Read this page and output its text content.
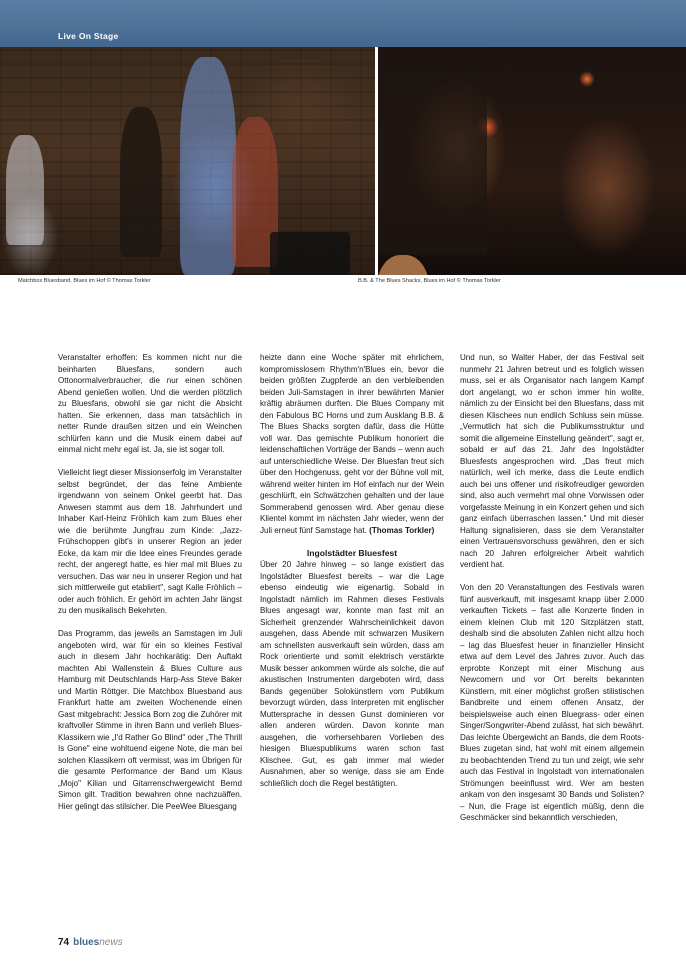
Live On Stage
Matchbox Bluesband, Blues im Hof © Thomas Torkler	B.B. & The Blues Shacks, Blues im Hof © Thomas Torkler

Veranstalter erhoffen: Es kommen nicht nur die beinharten Bluesfans, sondern auch Ottonormalverbraucher, die nur einen schönen Abend genießen wollen. Und die werden plötzlich zu Bluesfans, obwohl sie gar nicht die Absicht hatten. Sie erkennen, dass man tatsächlich in netter Runde draußen sitzen und ein Weinchen schlürfen kann und die Musik einem dabei auf einmal nicht mehr egal ist. Ja, sie ist sogar toll.

Vielleicht liegt dieser Missionserfolg im Veranstalter selbst begründet, der das feine Ambiente irgendwann von seinem Onkel geerbt hat. Das Anwesen stammt aus dem 18. Jahrhundert und Inhaber Karl-Heinz Fröhlich kam zum Blues eher wie die berühmte Jungfrau zum Kinde: „Jazz-Frühschoppen gibt's in unserer Region an jeder Ecke, da kam mir die Idee eines Freundes gerade recht, der angeregt hatte, es hier mal mit Blues zu versuchen. Das war neu in unserer Region und hat sich mittlerweile gut etabliert", sagt Kalle Fröhlich – oder auch fröhlich. Er gehört im achten Jahr längst zu den musikalisch Bekehrten.

Das Programm, das jeweils an Samstagen im Juli angeboten wird, war für ein so kleines Festival auch in diesem Jahr hochkarätig: Den Auftakt machten Abi Wallenstein & Blues Culture aus Hamburg mit Deutschlands Harp-Ass Steve Baker und Martin Röttger. Die Matchbox Bluesband aus Frankfurt hatte am zweiten Wochenende einen Gast mitgebracht: Jessica Born zog die Zuhörer mit kraftvoller Stimme in ihren Bann und verlieh Blues-Klassikern wie „I'd Rather Go Blind" oder „The Thrill Is Gone" eine wohltuend eigene Note, die man bei solchen Klassikern oft vermisst, was im Übrigen für die gesamte Performance der Band um Klaus „Mojo" Kilian und Gitarrenschwergewicht Bernd Simon gilt. Tradition bewahren ohne nachzuäffen. Hier gelingt das stilsicher. Die PeeWee Bluesgang

heizte dann eine Woche später mit ehrlichem, kompromisslosem Rhythm'n'Blues ein, bevor die beiden größten Zugpferde an den verbleibenden beiden Juli-Samstagen in ihrer bewährten Manier kräftig abräumen durften. Die Blues Company mit den Fabulous BC Horns und zum Ausklang B.B. & The Blues Shacks sorgten dafür, dass die Hütte voll war. Das gemischte Publikum honoriert die leidenschaftlichen Vorträge der Bands – wenn auch auf unterschiedliche Weise. Der Bluesfan freut sich über den Hochgenuss, geht vor der Bühne voll mit, während weiter hinten im Hof einfach nur der Wein geschlürft, ein Schwätzchen gehalten und der laue Sommerabend genossen wird. Aber genau diese Klientel kommt im nächsten Jahr wieder, wenn der Juli erneut fünf Samstage hat. (Thomas Torkler)

Ingolstädter Bluesfest

Über 20 Jahre hinweg – so lange existiert das Ingolstädter Bluesfest bereits – war die Lage ebenso eindeutig wie eigenartig. Sobald in Ingolstadt nämlich im Rahmen dieses Festivals Blues angesagt war, konnte man fast mit an Sicherheit grenzender Wahrscheinlichkeit davon ausgehen, dass Abende mit schwarzen Musikern am schnellsten ausverkauft sein würden, dass am Rock orientierte und somit elektrisch verstärkte Musik besser ankommen würde als solche, die auf akustischen Instrumenten dargeboten wird, dass Bands gegenüber Solokünstlern vom Publikum bevorzugt würden, dass Interpreten mit englischer Muttersprache in dessen Gunst dominieren vor allen anderen würden. Davon konnte man ausgehen, die vorhersehbaren Vorlieben des hiesigen Bluespublikums waren schon fast Klischee. Gut, es gab immer mal wieder Ausnahmen, aber so wenige, dass sie am Ende schließlich doch die Regel bestätigten.

Und nun, so Walter Haber, der das Festival seit nunmehr 21 Jahren betreut und es folglich wissen muss, sei er als Organisator nach langem Kampf dort angelangt, wo er schon immer hin wollte, nämlich zu der Einsicht bei den Bluesfans, dass mit diesen Klischees nun endlich Schluss sein müsse. „Vermutlich hat sich die Publikumsstruktur und somit die allgemeine Einstellung geändert", sagt er, sobald er auf das 21. Jahr des Ingolstädter Bluesfests angesprochen wird. „Das freut mich natürlich, weil ich merke, dass die Leute endlich auch bei uns offener und risikofreudiger geworden sind, also auch vermehrt mal ohne Vorwissen oder vorgefasste Meinung in ein Konzert gehen und sich ganz einfach überraschen lassen." Und mit dieser Haltung signalisieren, dass sie dem Veranstalter einen Vertrauensvorschuss gewähren, den er sich nach 20 Jahren erfolgreicher Arbeit wahrlich verdient hat.

Von den 20 Veranstaltungen des Festivals waren fünf ausverkauft, mit insgesamt knapp über 2.000 verkauften Tickets – fast alle Konzerte finden in einem kleinen Club mit 120 Sitzplätzen statt, deshalb sind die absoluten Zahlen nicht allzu hoch – lag das Bluesfest heuer in finanzieller Hinsicht etwa auf dem Level des Jahres zuvor. Auch das erprobte Konzept mit einer Mischung aus Newcomern und vor Ort bereits bekannten Künstlern, mit einer möglichst großen stilistischen Bandbreite und einem offenen Ansatz, der beispielsweise auch einen Bluegrass- oder einen Singer/Songwriter-Abend zulässt, hat sich bewährt. Das leichte Übergewicht an Bands, die dem Roots-Blues zugetan sind, hat wohl mit einem allgemein zu beobachtenden Trend zu tun und zeigt, wie sehr auch das Festival in Ingolstadt von internationalen Strömungen beeinflusst wird. Wer am besten ankam von den insgesamt 30 Bands und Solisten? – Nun, die Frage ist eigentlich müßig, denn die Geschmäcker sind bekanntlich verschieden,

74 bluesnews
